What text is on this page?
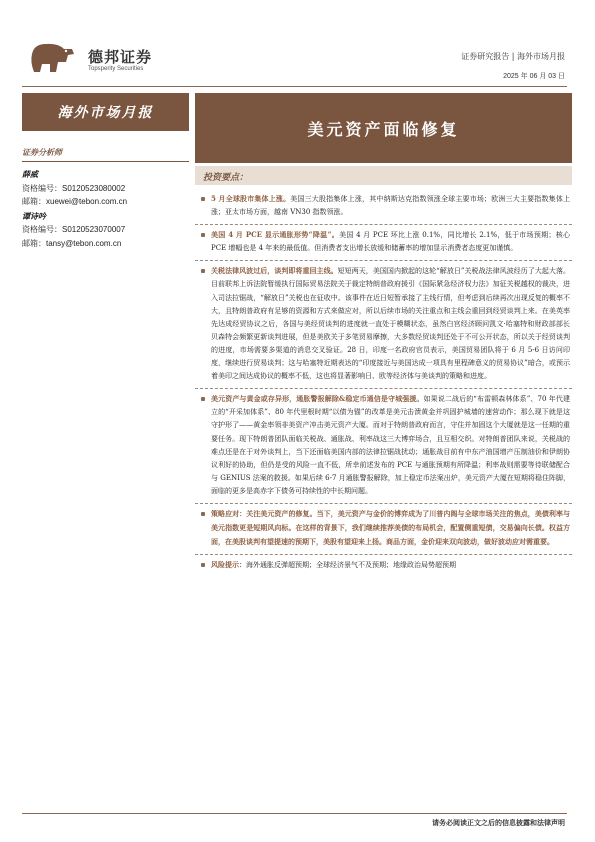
德邦证券
Topsperity Securities
证券研究报告 | 海外市场月报
2025 年 06 月 03 日
海外市场月报
美元资产面临修复
证券分析师
薛威
资格编号：S0120523080002
邮箱：xuewei@tebon.com.cn
谭诗吟
资格编号：S0120523070007
邮箱：tansy@tebon.com.cn
投资要点：
5 月全球股市集体上涨。美国三大股指集体上涨，其中纳斯达克指数领涨全球主要市场；欧洲三大主要指数集体上涨；亚太市场方面，越南 VN30 指数领涨。
美国 4 月 PCE 显示通胀形势“降温”。美国 4 月 PCE 环比上涨 0.1%，同比增长 2.1%，低于市场预期；核心 PCE 增幅也是 4 年来的最低值。但消费者支出增长放缓和储蓄率的增加显示消费者态度更加谨慎。
关税法律风波过后，谈判即将重回主线。短短两天，美国国内掀起的这轮“解放日”关税战法律风波经历了大起大落。目前联邦上诉法院暂缓执行国际贸易法院关于裁定特朗普政府援引《国际紧急经济权力法》加征关税越权的裁决，进入司法拉锯战，“解放日”关税也在征收中。该事件在近日短暂承接了主线行情，但考虑到后续再次出现反复的概率不大，且特朗普政府有足够的资源和方式来做应对，所以后续市场的关注重点和主线会重回到经贸谈判上来。在美英率先达成经贸协议之后，各国与美经贸谈判的进度就一直处于模糊状态，虽然白宫经济顾问凯文·哈塞特和财政部部长贝森特会频繁更新谈判进展，但是美欧关于多笔贸易摩擦，大多数经贸谈判还处于不可公开状态，所以关于经贸谈判的进度，市场需要多渠道的消息交叉验证。28 日，印度一名政府官员表示，美国贸易团队将于 6 月 5-6 日访问印度，继续进行贸易谈判；这与哈塞特近期表达的“印度接近与美国达成一项具有里程碑意义的贸易协议”暗合，或预示着美印之间达成协议的概率不低，这也将显著影响日、欧等经济体与美谈判的策略和进度。
美元资产与黄金或存异形，通胀警报解除&稳定币通信是守城强援。如果说二战后的“布雷顿森林体系”、70 年代建立的“开采加体系”、80 年代里根时期“以债为锚”的改革是美元击溃黄金并巩固护城墙的速营动作；那么现下就是这守护形了——黄金率领非美资产冲击美元资产大厦。而对于特朗普政府而言，守住并加固这个大厦就是这一任期的重要任务。现下特朗普团队面临关税战、通胀战、利率战这三大博弈场合，且互相交织。对特朗普团队来说，关税战的难点还是在于对外谈判上，当下还面临美国内部的法律拉锯战扰动；通胀战目前有中东产油国增产压制油价和伊朗协议利好的协助，但仍是受的风险一直不低，所幸前述发布的 PCE 与通胀预期有所降温；利率战则需要等待联储配合与 GENIUS 法案的救援。如果后续 6-7 月通胀警报解除，加上稳定币法案出炉，美元资产大厦在短期将稳住阵脚，面临的更多是高赤字下债务可持续性的中长期问题。
策略应对：关注美元资产的修复。当下，美元资产与金价的博弈成为了川普内阁与全球市场关注的焦点，美债利率与美元指数更是短期风向标。在这样的背景下，我们继续推荐美债的布局机会，配置侧重短债，交易偏向长债。权益方面，在美股谈判有望提速的预期下，美股有望迎来上扬。商品方面，金价迎来双向波动，做好波动应对需重要。
风险提示：海外通胀反弹超预期；全球经济景气不及预期；地缘政治局势超预期
请务必阅读正文之后的信息披露和法律声明
